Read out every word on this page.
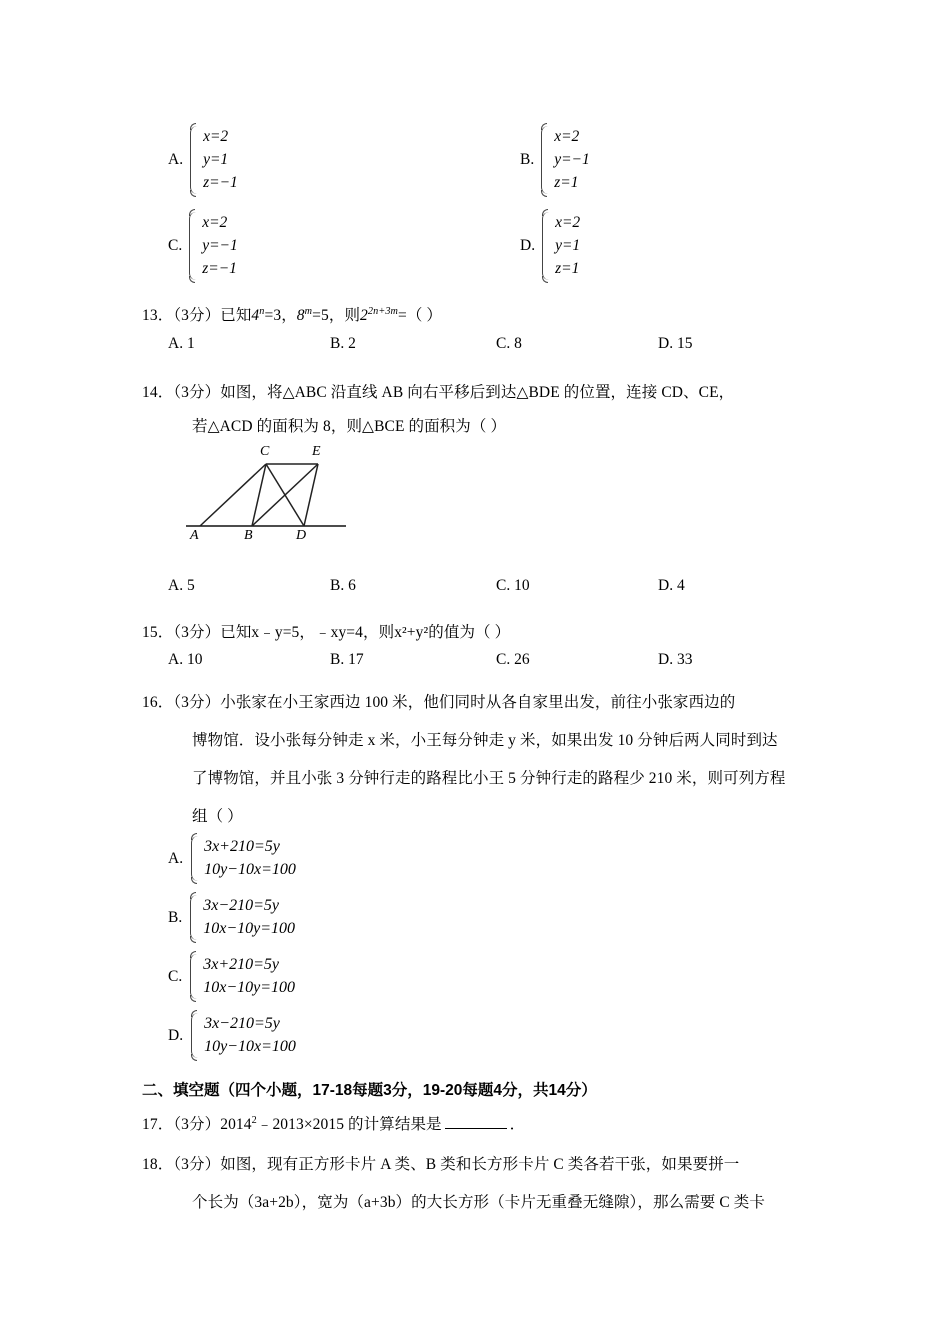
A.
x=2
y=1
z=−1
B.
x=2
y=−1
z=1
C.
x=2
y=−1
z=−1
D.
x=2
y=1
z=1
13．（3分）已知$4^n=3$，$8^m=5$，则$2^{2n+3m}=$（ ）
A. 1	B. 2	C. 8	D. 15
14．（3分）如图，将△ABC 沿直线 AB 向右平移后到达△BDE 的位置，连接 CD、CE，
若△ACD 的面积为 8，则△BCE 的面积为（ ）
A	B	D
C	E
A. 5	B. 6	C. 10	D. 4
15．（3分）已知x﹣y=5，﹣xy=4，则x²+y²的值为（ ）
A. 10	B. 17	C. 26	D. 33
16．（3分）小张家在小王家西边 100 米，他们同时从各自家里出发，前往小张家西边的
博物馆．设小张每分钟走 x 米，小王每分钟走 y 米，如果出发 10 分钟后两人同时到达
了博物馆，并且小张 3 分钟行走的路程比小王 5 分钟行走的路程少 210 米，则可列方程
组（ ）
A.
3x+210=5y
10y−10x=100
B.
3x−210=5y
10x−10y=100
C.
3x+210=5y
10x−10y=100
D.
3x−210=5y
10y−10x=100
二、填空题（四个小题，17-18每题3分，19-20每题4分，共14分）
17．（3分）$2014^2﹣2013\times 2015$ 的计算结果是	．
18．（3分）如图，现有正方形卡片 A 类、B 类和长方形卡片 C 类各若干张，如果要拼一
个长为（3a+2b），宽为（a+3b）的大长方形（卡片无重叠无缝隙），那么需要 C 类卡
